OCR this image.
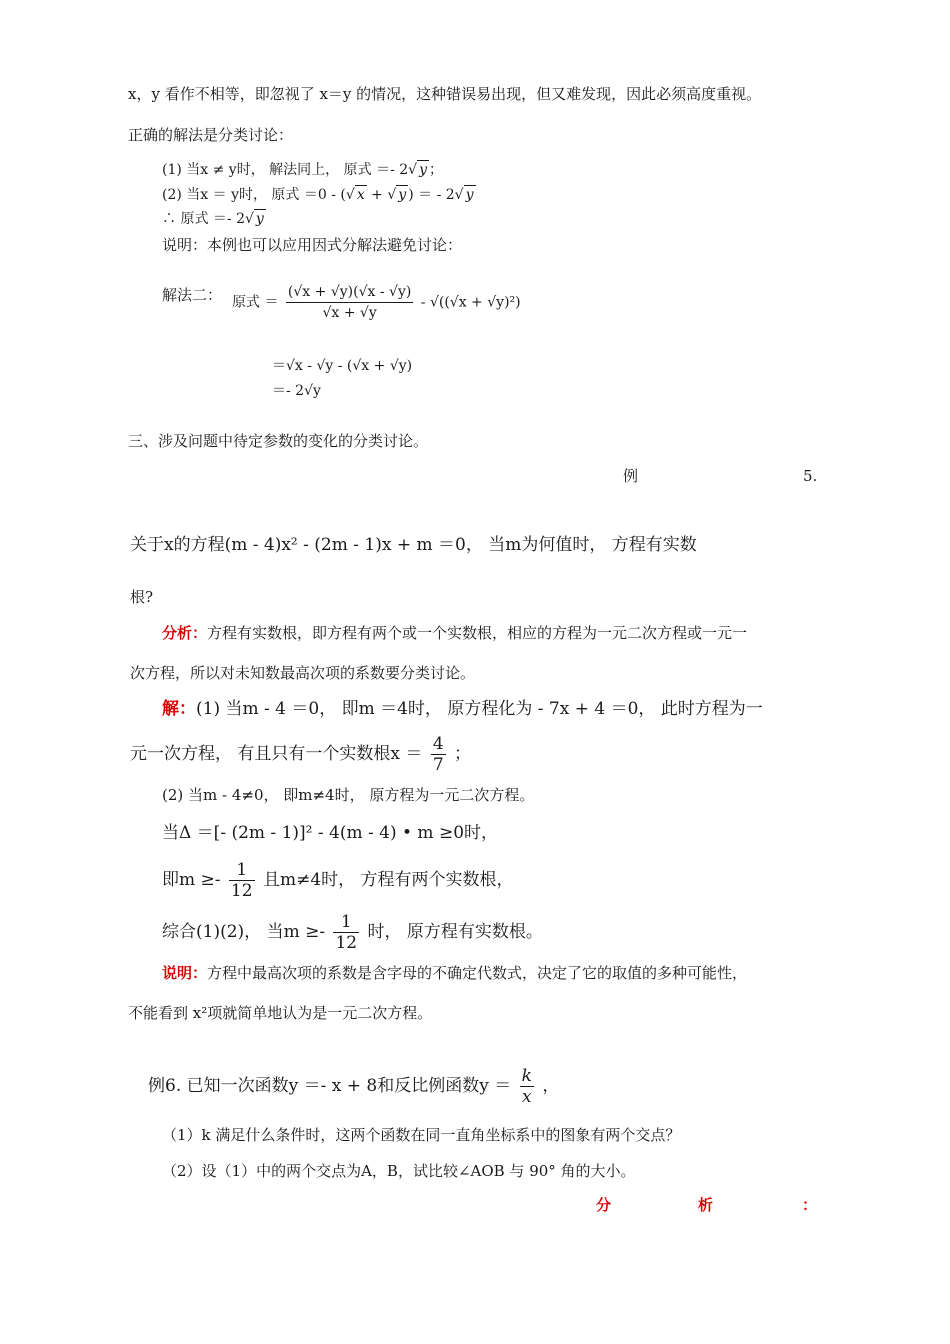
x，y 看作不相等，即忽视了 x＝y 的情况，这种错误易出现，但又难发现，因此必须高度重视。
正确的解法是分类讨论：
(1) 当x ≠ y时， 解法同上， 原式 ＝- 2√ y ；
(2) 当x ＝ y时， 原式 ＝0 - (√ x + √ y ) ＝ - 2√ y
∴ 原式 ＝- 2√ y
说明：本例也可以应用因式分解法避免讨论：
解法二： 原式 ＝ $\frac{(√x + √y)(√x - √y)}{√x + √y} - √((√x + √y)^2)$
＝√x - √y - (√x + √y)
＝- 2√y
三、涉及问题中待定参数的变化的分类讨论。
例	5.
关于x的方程(m - 4)x² - (2m - 1)x + m ＝0， 当m为何值时， 方程有实数
根?
分析：方程有实数根，即方程有两个或一个实数根，相应的方程为一元二次方程或一元一
次方程，所以对未知数最高次项的系数要分类讨论。
解：(1) 当m - 4 ＝0， 即m ＝4时， 原方程化为 - 7x + 4 ＝0， 此时方程为一
元一次方程， 有且只有一个实数根$x = \frac{4}{7}$ ；
(2) 当m - 4≠0， 即m≠4时， 原方程为一元二次方程。
当Δ ＝[- (2m - 1)]² - 4(m - 4) • m ≥0时，
即$m \ge- \frac{1}{12}$ 且m≠4时， 方程有两个实数根，
综合(1)(2)， 当$m \ge- \frac{1}{12}$ 时， 原方程有实数根。
说明：方程中最高次项的系数是含字母的不确定代数式，决定了它的取值的多种可能性，
不能看到 x²项就简单地认为是一元二次方程。
例6. 已知一次函数y ＝- x + 8和反比例函数$y = \frac{k}{x}$ ，
（1）k 满足什么条件时，这两个函数在同一直角坐标系中的图象有两个交点？
（2）设（1）中的两个交点为A，B，试比较∠AOB 与 90° 角的大小。
分	析	：
